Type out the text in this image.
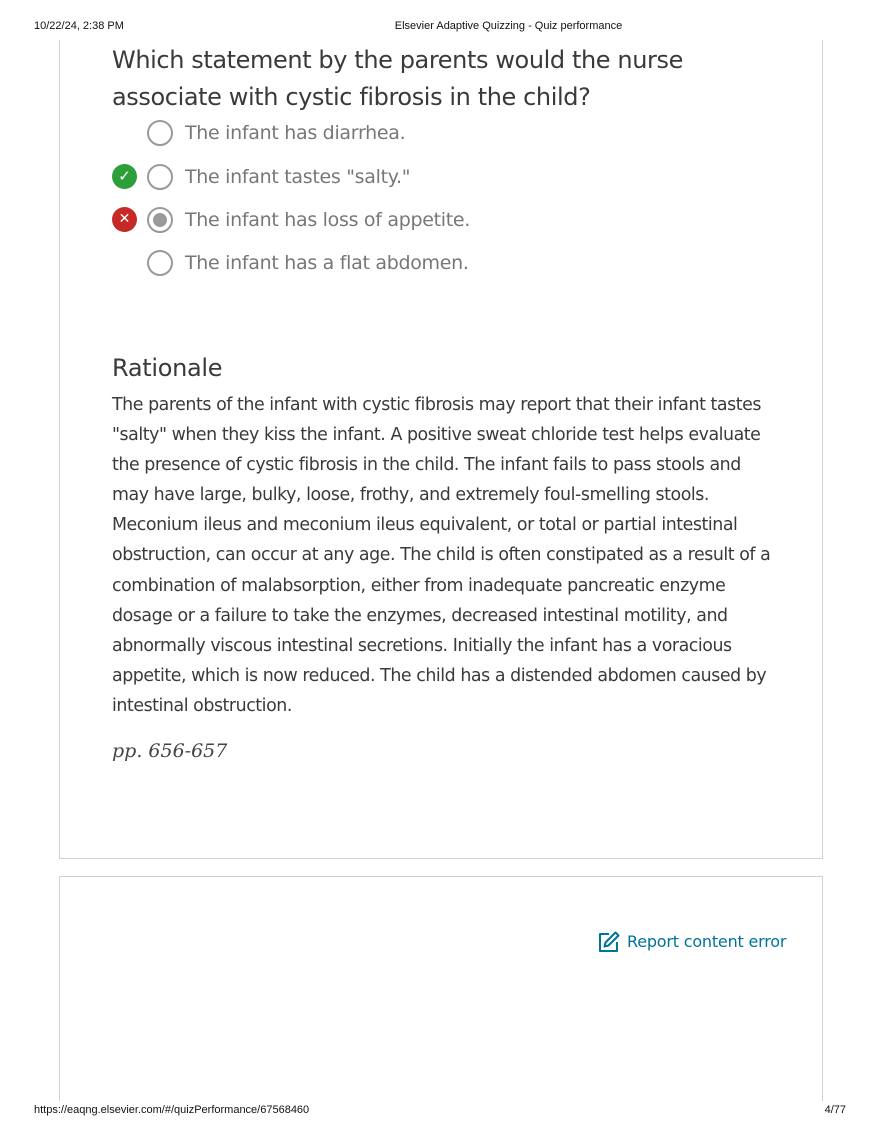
10/22/24, 2:38 PM	Elsevier Adaptive Quizzing - Quiz performance
Which statement by the parents would the nurse associate with cystic fibrosis in the child?
The infant has diarrhea.
✓	The infant tastes "salty."
✕	The infant has loss of appetite.
The infant has a flat abdomen.
Rationale
The parents of the infant with cystic fibrosis may report that their infant tastes "salty" when they kiss the infant. A positive sweat chloride test helps evaluate the presence of cystic fibrosis in the child. The infant fails to pass stools and may have large, bulky, loose, frothy, and extremely foul-smelling stools. Meconium ileus and meconium ileus equivalent, or total or partial intestinal obstruction, can occur at any age. The child is often constipated as a result of a combination of malabsorption, either from inadequate pancreatic enzyme dosage or a failure to take the enzymes, decreased intestinal motility, and abnormally viscous intestinal secretions. Initially the infant has a voracious appetite, which is now reduced. The child has a distended abdomen caused by intestinal obstruction.
pp. 656-657
Report content error
https://eaqng.elsevier.com/#/quizPerformance/67568460	4/77
